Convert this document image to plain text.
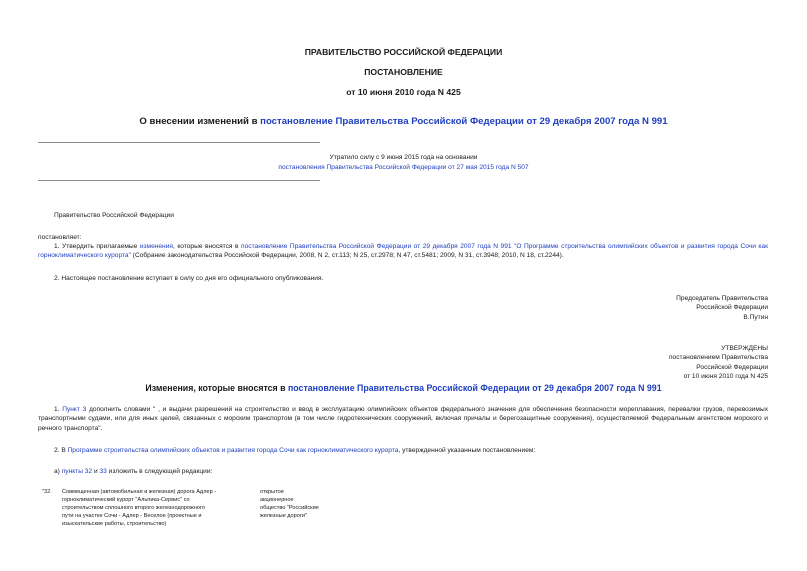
ПРАВИТЕЛЬСТВО РОССИЙСКОЙ ФЕДЕРАЦИИ
ПОСТАНОВЛЕНИЕ
от 10 июня 2010 года N 425
О внесении изменений в постановление Правительства Российской Федерации от 29 декабря 2007 года N 991
Утратило силу с 9 июня 2015 года на основании
постановления Правительства Российской Федерации от 27 мая 2015 года N 507
Правительство Российской Федерации
постановляет:
1. Утвердить прилагаемые изменения, которые вносятся в постановление Правительства Российской Федерации от 29 декабря 2007 года N 991 "О Программе строительства олимпийских объектов и развития города Сочи как горноклиматического курорта" (Собрание законодательства Российской Федерации, 2008, N 2, ст.113; N 25, ст.2978; N 47, ст.5481; 2009, N 31, ст.3948; 2010, N 18, ст.2244).
2. Настоящее постановление вступает в силу со дня его официального опубликования.
Председатель Правительства
Российской Федерации
В.Путин
УТВЕРЖДЕНЫ
постановлением Правительства
Российской Федерации
от 10 июня 2010 года N 425
Изменения, которые вносятся в постановление Правительства Российской Федерации от 29 декабря 2007 года N 991
1. Пункт 3 дополнить словами " , и выдачи разрешений на строительство и ввод в эксплуатацию олимпийских объектов федерального значения для обеспечения безопасности мореплавания, перевалки грузов, перевозимых транспортными судами, или для иных целей, связанных с морским транспортом (в том числе гидротехнических сооружений, включая причалы и берегозащитные сооружения), осуществляемой Федеральным агентством морского и речного транспорта".
2. В Программе строительства олимпийских объектов и развития города Сочи как горноклиматического курорта, утвержденной указанным постановлением:
а) пункты 32 и 33 изложить в следующей редакции:
"32. Совмещенная (автомобильная и железная) дорога Адлер -
горноклиматический курорт "Альпика-Сервис" со
строительством сплошного второго железнодорожного
пути на участке Сочи - Адлер - Веселое (проектные и
изыскательские работы, строительство)
открытое
акционерное
общество "Российские
железные дороги"
